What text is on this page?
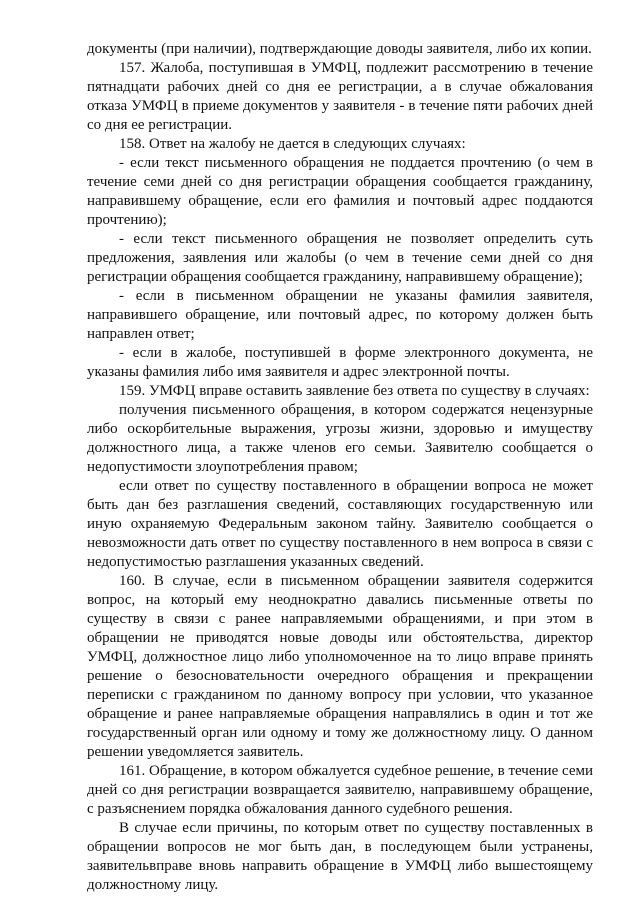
документы (при наличии), подтверждающие доводы заявителя, либо их копии.

157. Жалоба, поступившая в УМФЦ, подлежит рассмотрению в течение пятнадцати рабочих дней со дня ее регистрации, а в случае обжалования отказа УМФЦ в приеме документов у заявителя - в течение пяти рабочих дней со дня ее регистрации.

158. Ответ на жалобу не дается в следующих случаях:

- если текст письменного обращения не поддается прочтению (о чем в течение семи дней со дня регистрации обращения сообщается гражданину, направившему обращение, если его фамилия и почтовый адрес поддаются прочтению);

- если текст письменного обращения не позволяет определить суть предложения, заявления или жалобы (о чем в течение семи дней со дня регистрации обращения сообщается гражданину, направившему обращение);

- если в письменном обращении не указаны фамилия заявителя, направившего обращение, или почтовый адрес, по которому должен быть направлен ответ;

- если в жалобе, поступившей в форме электронного документа, не указаны фамилия либо имя заявителя и адрес электронной почты.

159. УМФЦ вправе оставить заявление без ответа по существу в случаях:

получения письменного обращения, в котором содержатся нецензурные либо оскорбительные выражения, угрозы жизни, здоровью и имуществу должностного лица, а также членов его семьи. Заявителю сообщается о недопустимости злоупотребления правом;

если ответ по существу поставленного в обращении вопроса не может быть дан без разглашения сведений, составляющих государственную или иную охраняемую Федеральным законом тайну. Заявителю сообщается о невозможности дать ответ по существу поставленного в нем вопроса в связи с недопустимостью разглашения указанных сведений.

160. В случае, если в письменном обращении заявителя содержится вопрос, на который ему неоднократно давались письменные ответы по существу в связи с ранее направляемыми обращениями, и при этом в обращении не приводятся новые доводы или обстоятельства, директор УМФЦ, должностное лицо либо уполномоченное на то лицо вправе принять решение о безосновательности очередного обращения и прекращении переписки с гражданином по данному вопросу при условии, что указанное обращение и ранее направляемые обращения направлялись в один и тот же государственный орган или одному и тому же должностному лицу. О данном решении уведомляется заявитель.

161. Обращение, в котором обжалуется судебное решение, в течение семи дней со дня регистрации возвращается заявителю, направившему обращение, с разъяснением порядка обжалования данного судебного решения.

В случае если причины, по которым ответ по существу поставленных в обращении вопросов не мог быть дан, в последующем были устранены, заявительвправе вновь направить обращение в УМФЦ либо вышестоящему должностному лицу.
